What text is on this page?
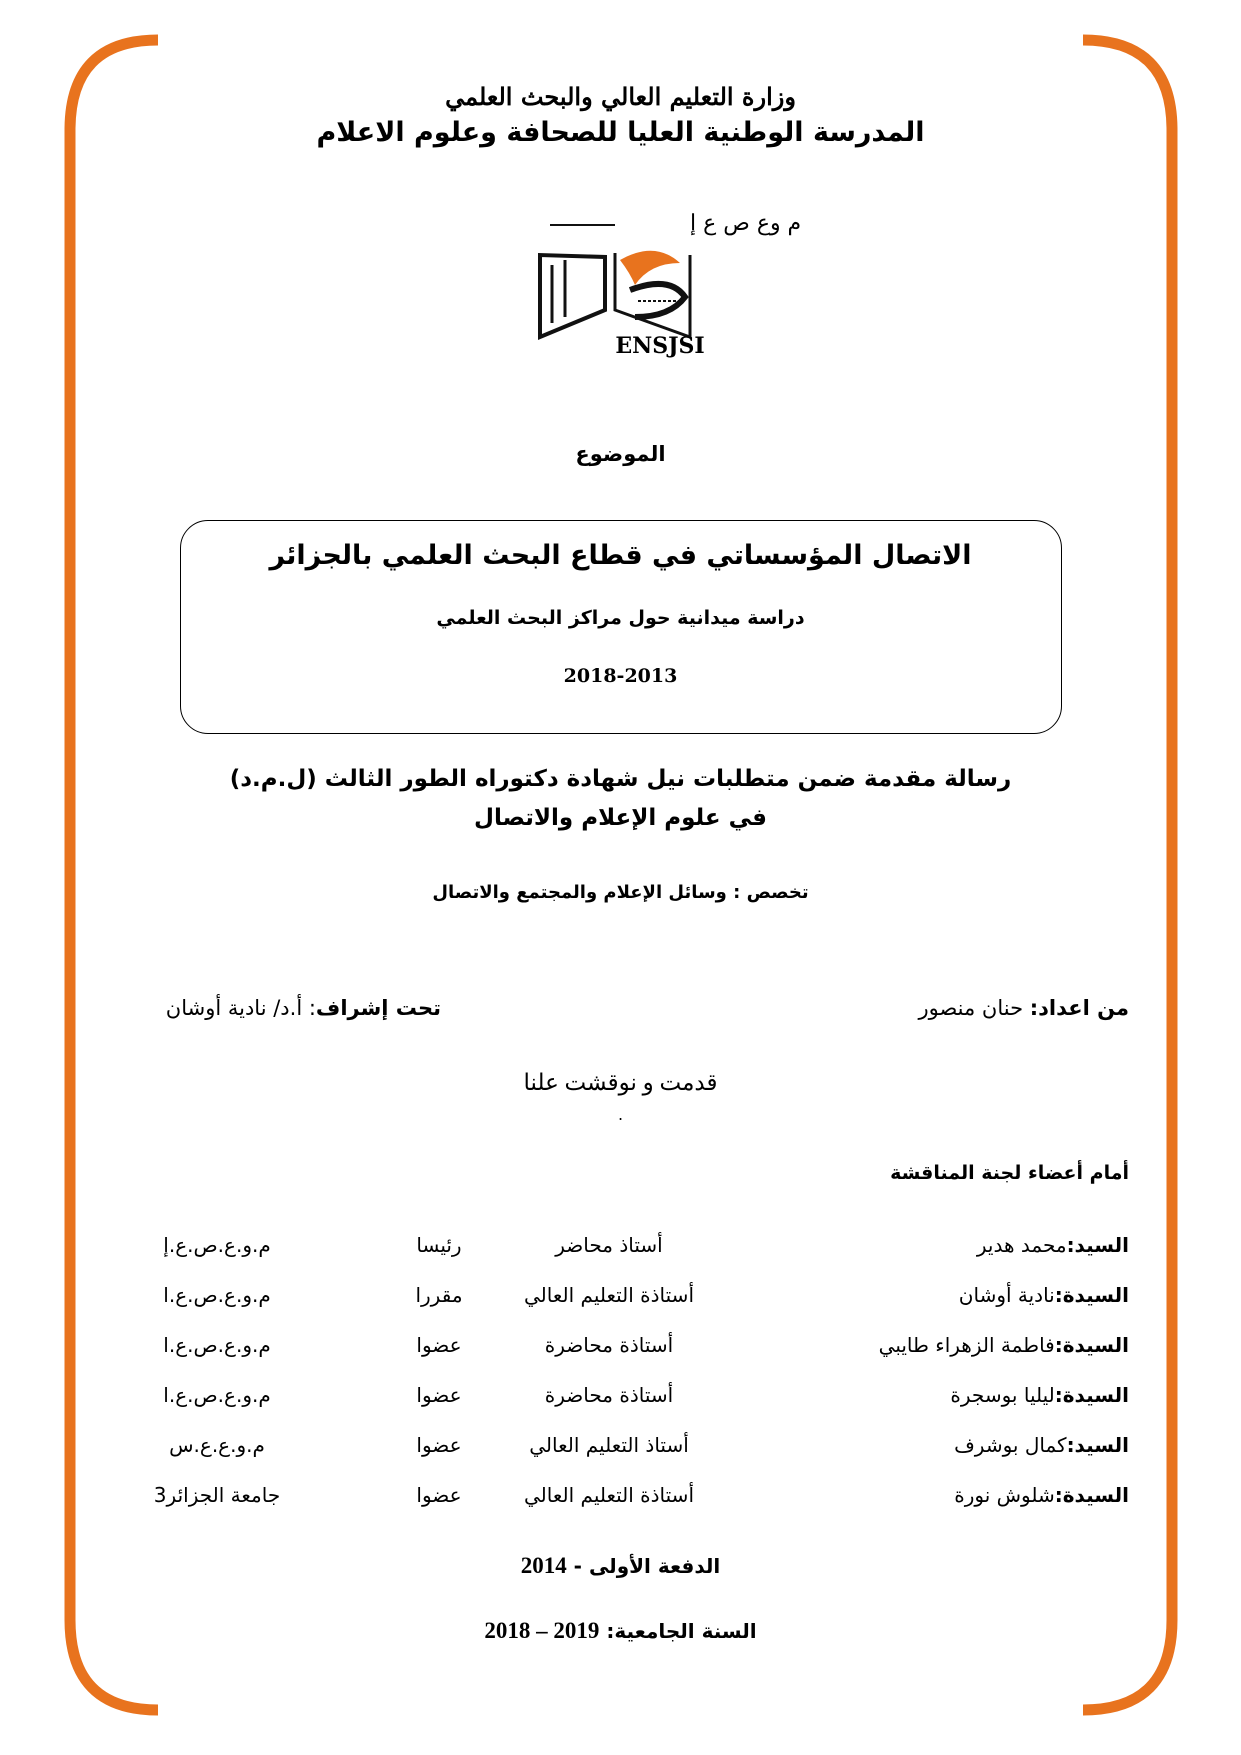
وزارة التعليم العالي والبحث العلمي
المدرسة الوطنية العليا للصحافة وعلوم الاعلام
م وع ص ع إ
ENSJSI
الموضوع
الاتصال المؤسساتي في قطاع البحث العلمي بالجزائر
دراسة ميدانية حول مراكز البحث العلمي
2018-2013
رسالة مقدمة ضمن متطلبات نيل شهادة دكتوراه الطور الثالث (ل.م.د)
في علوم الإعلام والاتصال
تخصص : وسائل الإعلام والمجتمع والاتصال
من اعداد: حنان منصور
تحت إشراف: أ.د/ نادية أوشان
قدمت و نوقشت علنا
.
أمام أعضاء لجنة المناقشة
السيد:
محمد هدير
أستاذ محاضر
رئيسا
م.و.ع.ص.ع.إ
السيدة:
نادية أوشان
أستاذة التعليم العالي
مقررا
م.و.ع.ص.ع.ا
السيدة:
فاطمة الزهراء طايبي
أستاذة محاضرة
عضوا
م.و.ع.ص.ع.ا
السيدة:
ليليا بوسجرة
أستاذة محاضرة
عضوا
م.و.ع.ص.ع.ا
السيد:
كمال بوشرف
أستاذ التعليم العالي
عضوا
م.و.ع.ع.س
السيدة:
شلوش نورة
أستاذة التعليم العالي
عضوا
جامعة الجزائر3
الدفعة الأولى - 2014
السنة الجامعية: 2018 – 2019
